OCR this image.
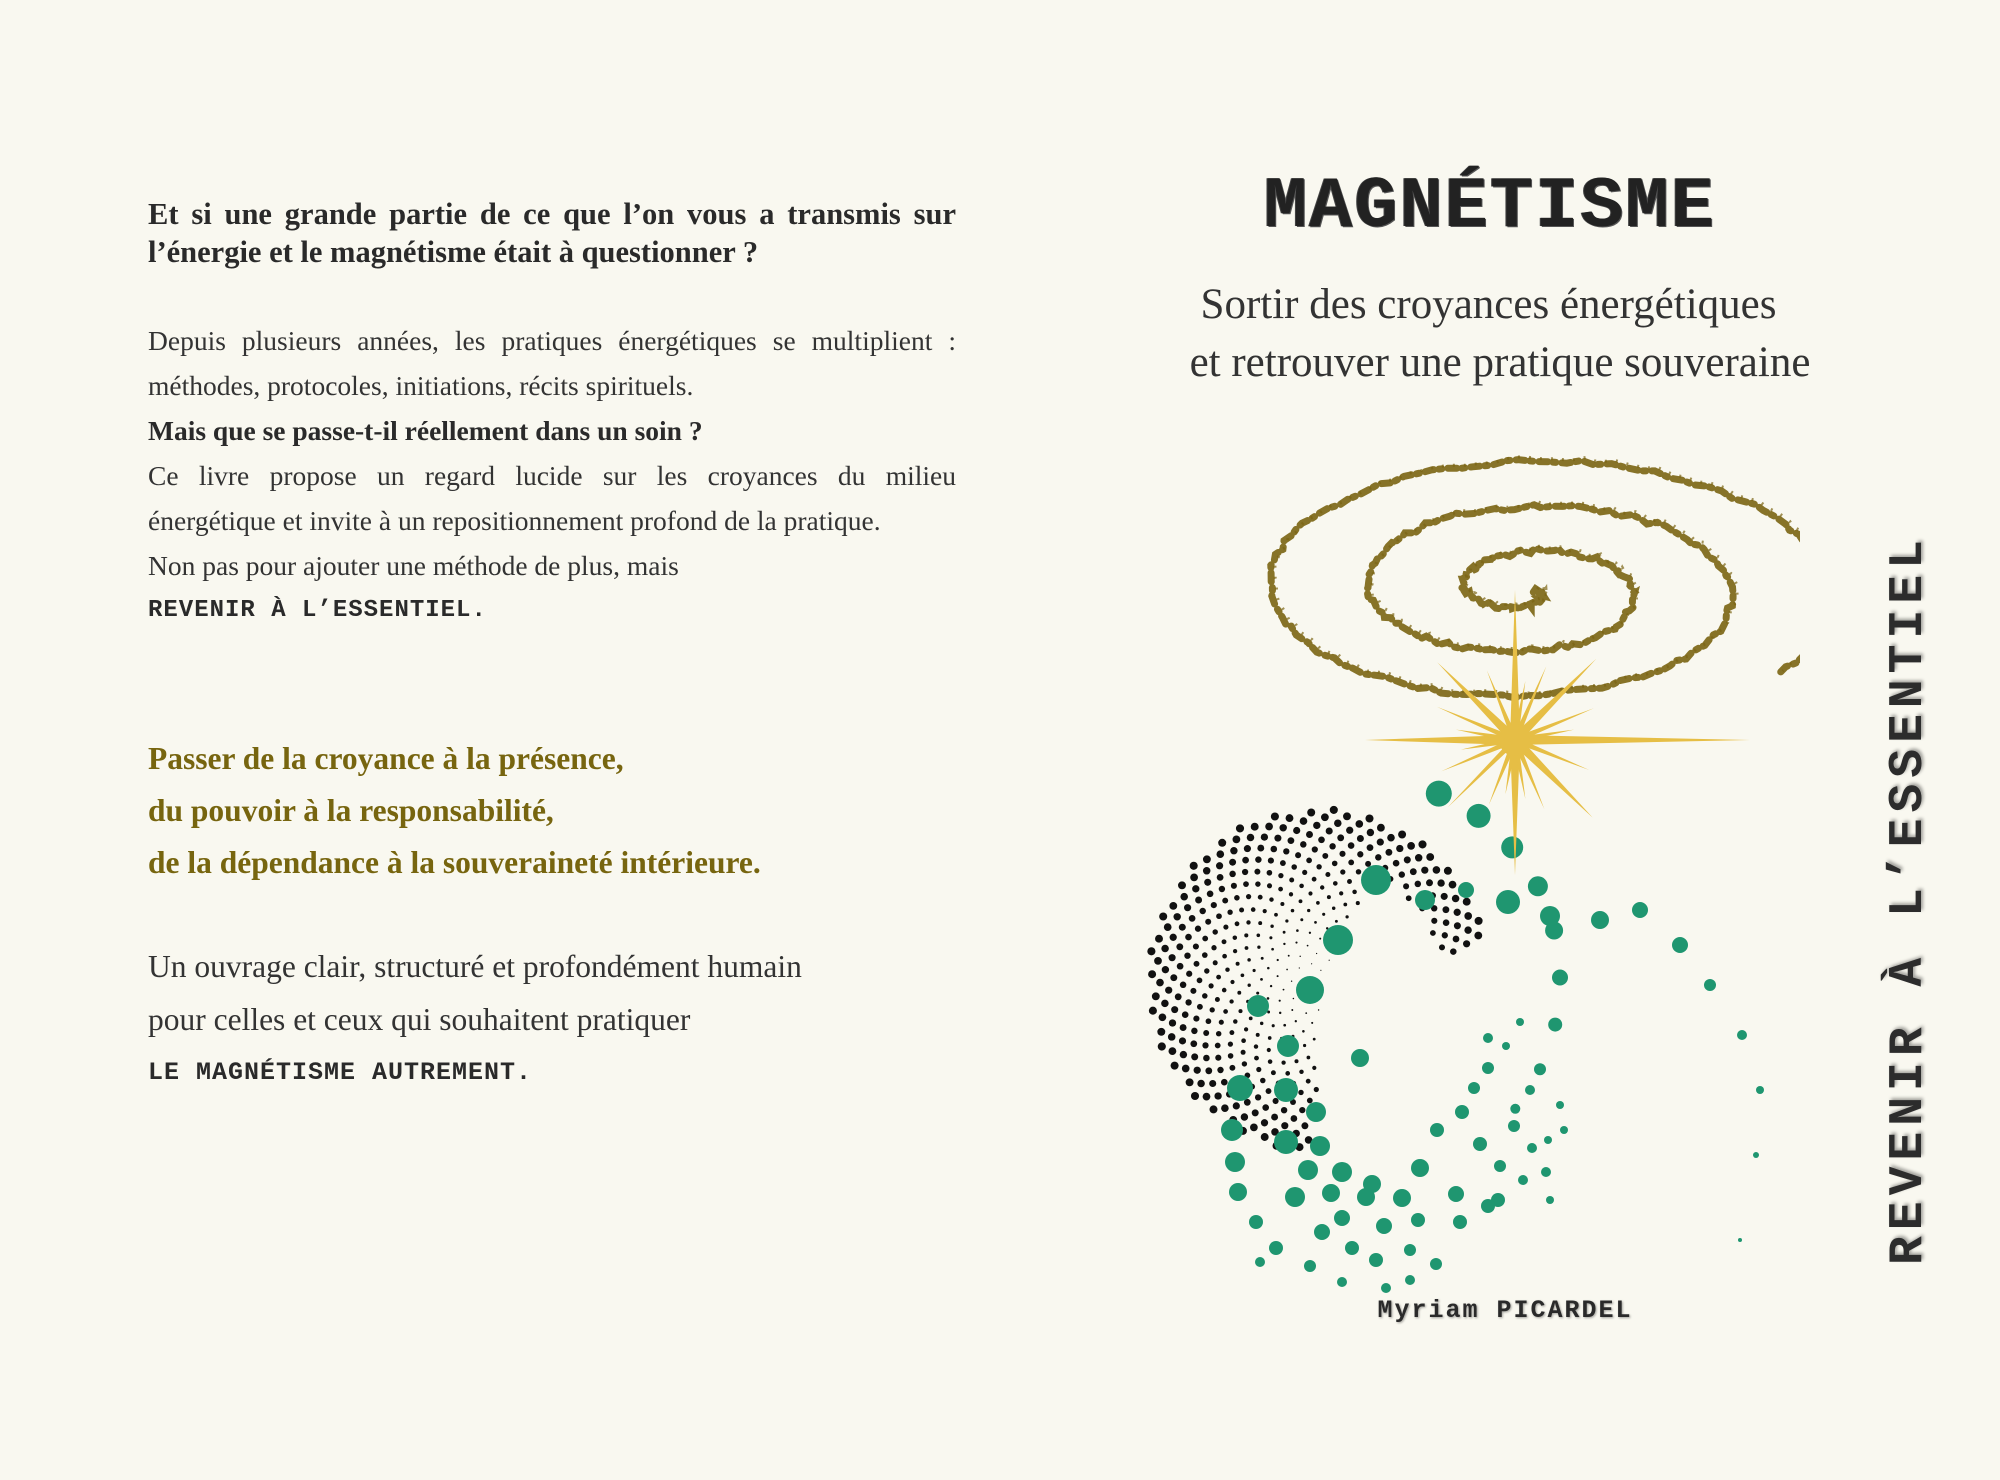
Et si une grande partie de ce que l’on vous a transmis sur l’énergie et le magnétisme était à questionner ?
Depuis plusieurs années, les pratiques énergétiques se multiplient : méthodes, protocoles, initiations, récits spirituels.
Mais que se passe-t-il réellement dans un soin ?
Ce livre propose un regard lucide sur les croyances du milieu énergétique et invite à un repositionnement profond de la pratique.
Non pas pour ajouter une méthode de plus, mais
REVENIR À L’ESSENTIEL.
Passer de la croyance à la présence,
du pouvoir à la responsabilité,
de la dépendance à la souveraineté intérieure.
Un ouvrage clair, structuré et profondément humain
pour celles et ceux qui souhaitent pratiquer
LE MAGNÉTISME AUTREMENT.
MAGNÉTISME
Sortir des croyances énergétiques
et retrouver une pratique souveraine
REVENIR À L’ESSENTIEL
Myriam PICARDEL
